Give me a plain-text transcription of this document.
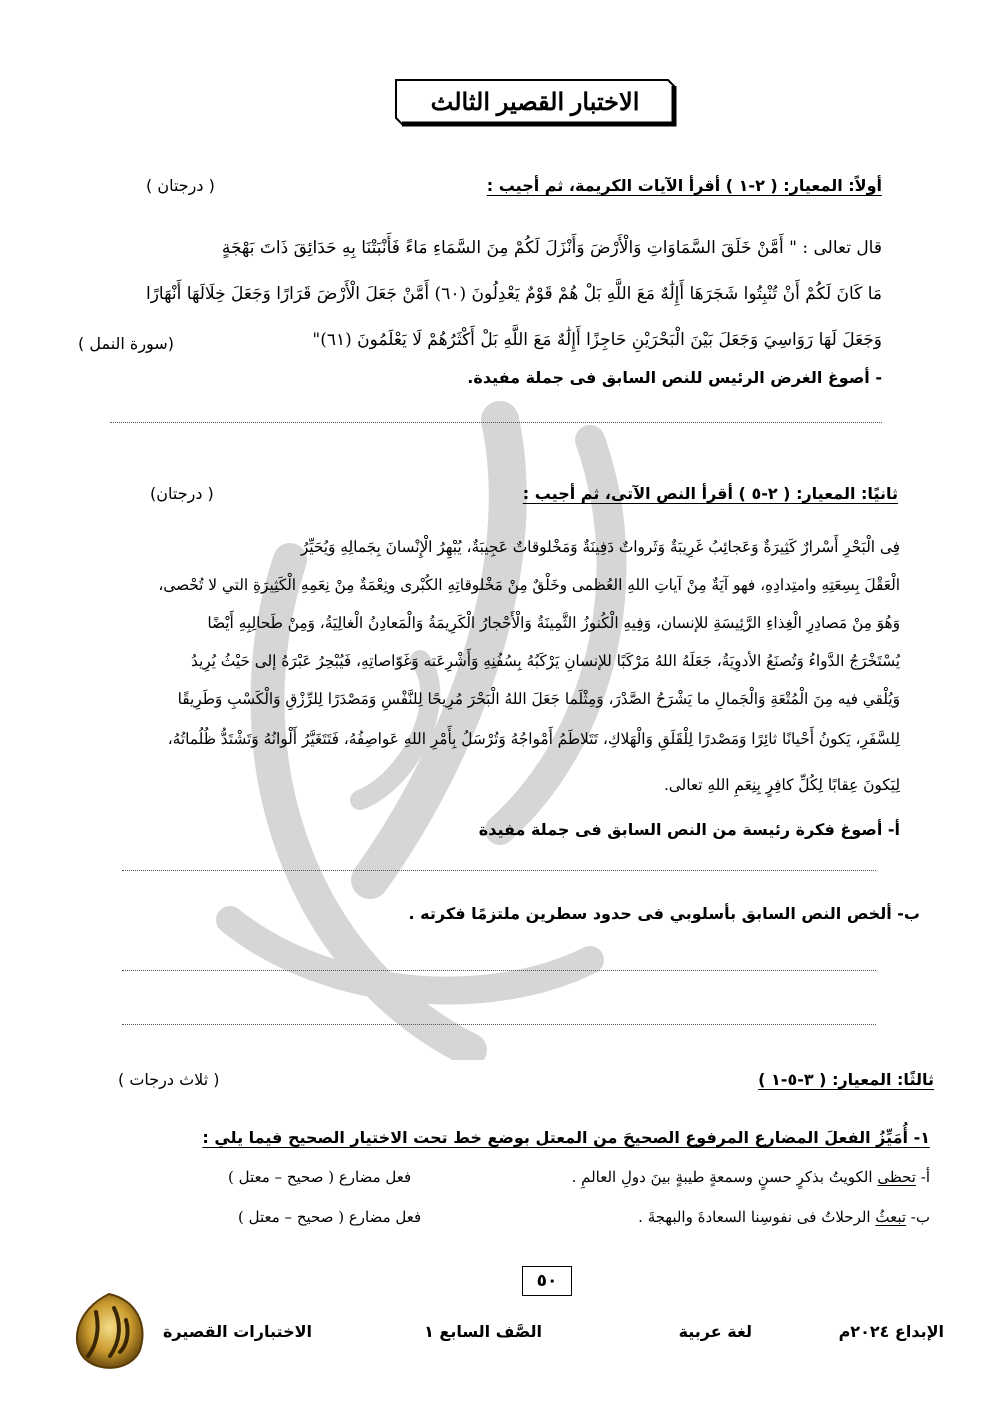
الاختبار القصير الثالث
أولاً: المعيار: ( ٢-١ ) أقرأ الآيات الكريمة، ثم أجيب :
( درجتان )
قال تعالى : " أَمَّنْ خَلَقَ السَّمَاوَاتِ وَالْأَرْضَ وَأَنْزَلَ لَكُمْ مِنَ السَّمَاءِ مَاءً فَأَنْبَتْنَا بِهِ حَدَائِقَ ذَاتَ بَهْجَةٍ
مَا كَانَ لَكُمْ أَنْ تُنْبِتُوا شَجَرَهَا أَإِلَٰهٌ مَعَ اللَّهِ بَلْ هُمْ قَوْمٌ يَعْدِلُونَ (٦٠) أَمَّنْ جَعَلَ الْأَرْضَ قَرَارًا وَجَعَلَ خِلَالَهَا أَنْهَارًا
وَجَعَلَ لَهَا رَوَاسِيَ وَجَعَلَ بَيْنَ الْبَحْرَيْنِ حَاجِزًا أَإِلَٰهٌ مَعَ اللَّهِ بَلْ أَكْثَرُهُمْ لَا يَعْلَمُونَ (٦١)"
(سورة النمل )
- أصوغ الغرض الرئيس للنص السابق فى جملة مفيدة.
ثانيًا: المعيار: ( ٢-٥ ) أقرأ النص الآتى، ثم أجيب :
( درجتان)
فِى الْبَحْرِ أَسْرارٌ كَثِيرَةٌ وَعَجائِبُ غَرِيبَةٌ وَثَرواتٌ دَفِينَةٌ وَمَخْلوقاتٌ عَجِيبَةٌ، يُبْهِرُ الْإِنْسانَ بِجَمالِهِ وَيُحَيِّرُ
الْعَقْلَ بِسِعَتِهِ وامتِدادِهِ، فهو آيَةٌ مِنْ آياتِ اللهِ العُظمى وخَلْقٌ مِنْ مَخْلوقاتِهِ الكُبْرى ونِعْمَةٌ مِنْ نِعَمِهِ الْكَثِيرَةِ التي لا تُحْصى،
وَهُوَ مِنْ مَصادِرِ الْغِذاءِ الرَّئِيسَةِ للإنسان، وَفِيهِ الْكُنوزُ الثَّمِينَةُ وَالْأَحْجارُ الْكَرِيمَةُ وَالْمَعادِنُ الْغالِيَةُ، وَمِنْ طَحالِبِهِ أَيْضًا
يُسْتَخْرَجُ الدَّواءُ وَتُصنَعُ الأدوِيَةُ، جَعَلَهُ اللهُ مَرْكَبًا للإنسانِ يَرْكَبُهُ بِسُفُنِهِ وَأَشْرِعَته وَغَوّاصاتِهِ، فَيُبْحِرُ عَبْرَهُ إلى حَيْثُ يُرِيدُ
وَيُلْقي فيه مِنَ الْمُتْعَةِ وَالْجَمالِ ما يَشْرَحُ الصَّدْرَ، وَمِثْلَما جَعَلَ اللهُ الْبَحْرَ مُرِيحًا لِلنَّفْسِ وَمَصْدَرًا لِلرِّزْقِ وَالْكَسْبِ وَطَرِيقًا
لِلسَّفَرِ، يَكونُ أَحْيانًا ثائِرًا وَمَصْدرًا لِلْقَلَقِ وَالْهَلاكِ، تَتَلاطَمُ أَمْواجُهُ وَتُرْسَلُ بِأَمْرِ اللهِ عَواصِفُهُ، فَتَتَغَيَّرُ أَلْوانُهُ وَتَشْتَدُّ ظُلُماتُهُ،
لِيَكونَ عِقابًا لِكُلِّ كافِرٍ بِنِعَمِ اللهِ تعالى.
أ- أصوغ فكرة رئيسة من النص السابق فى جملة مفيدة
ب- ألخص النص السابق بأسلوبي فى حدود سطرين ملتزمًا فكرته .
ثالثًا: المعيار: ( ٣-٥-١ )
( ثلاث درجات )
١- أُمَيِّزُ الفعلَ المضارع المرفوع الصحيحَ من المعتل بوضع خط تحت الاختيار الصحيح فيما يلي :
أ- تحظى الكويتُ بذكرٍ حسنٍ وسمعةٍ طيبةٍ بينَ دولِ العالمِ .
فعل مضارع ( صحيح – معتل )
ب- تبعثُ الرحلاتُ فى نفوسِنا السعادةَ والبهجةَ .
فعل مضارع ( صحيح – معتل )
٥٠
الإبداع ٢٠٢٤م
لغة عربية
الصَّف السابع ١
الاختبارات القصيرة
